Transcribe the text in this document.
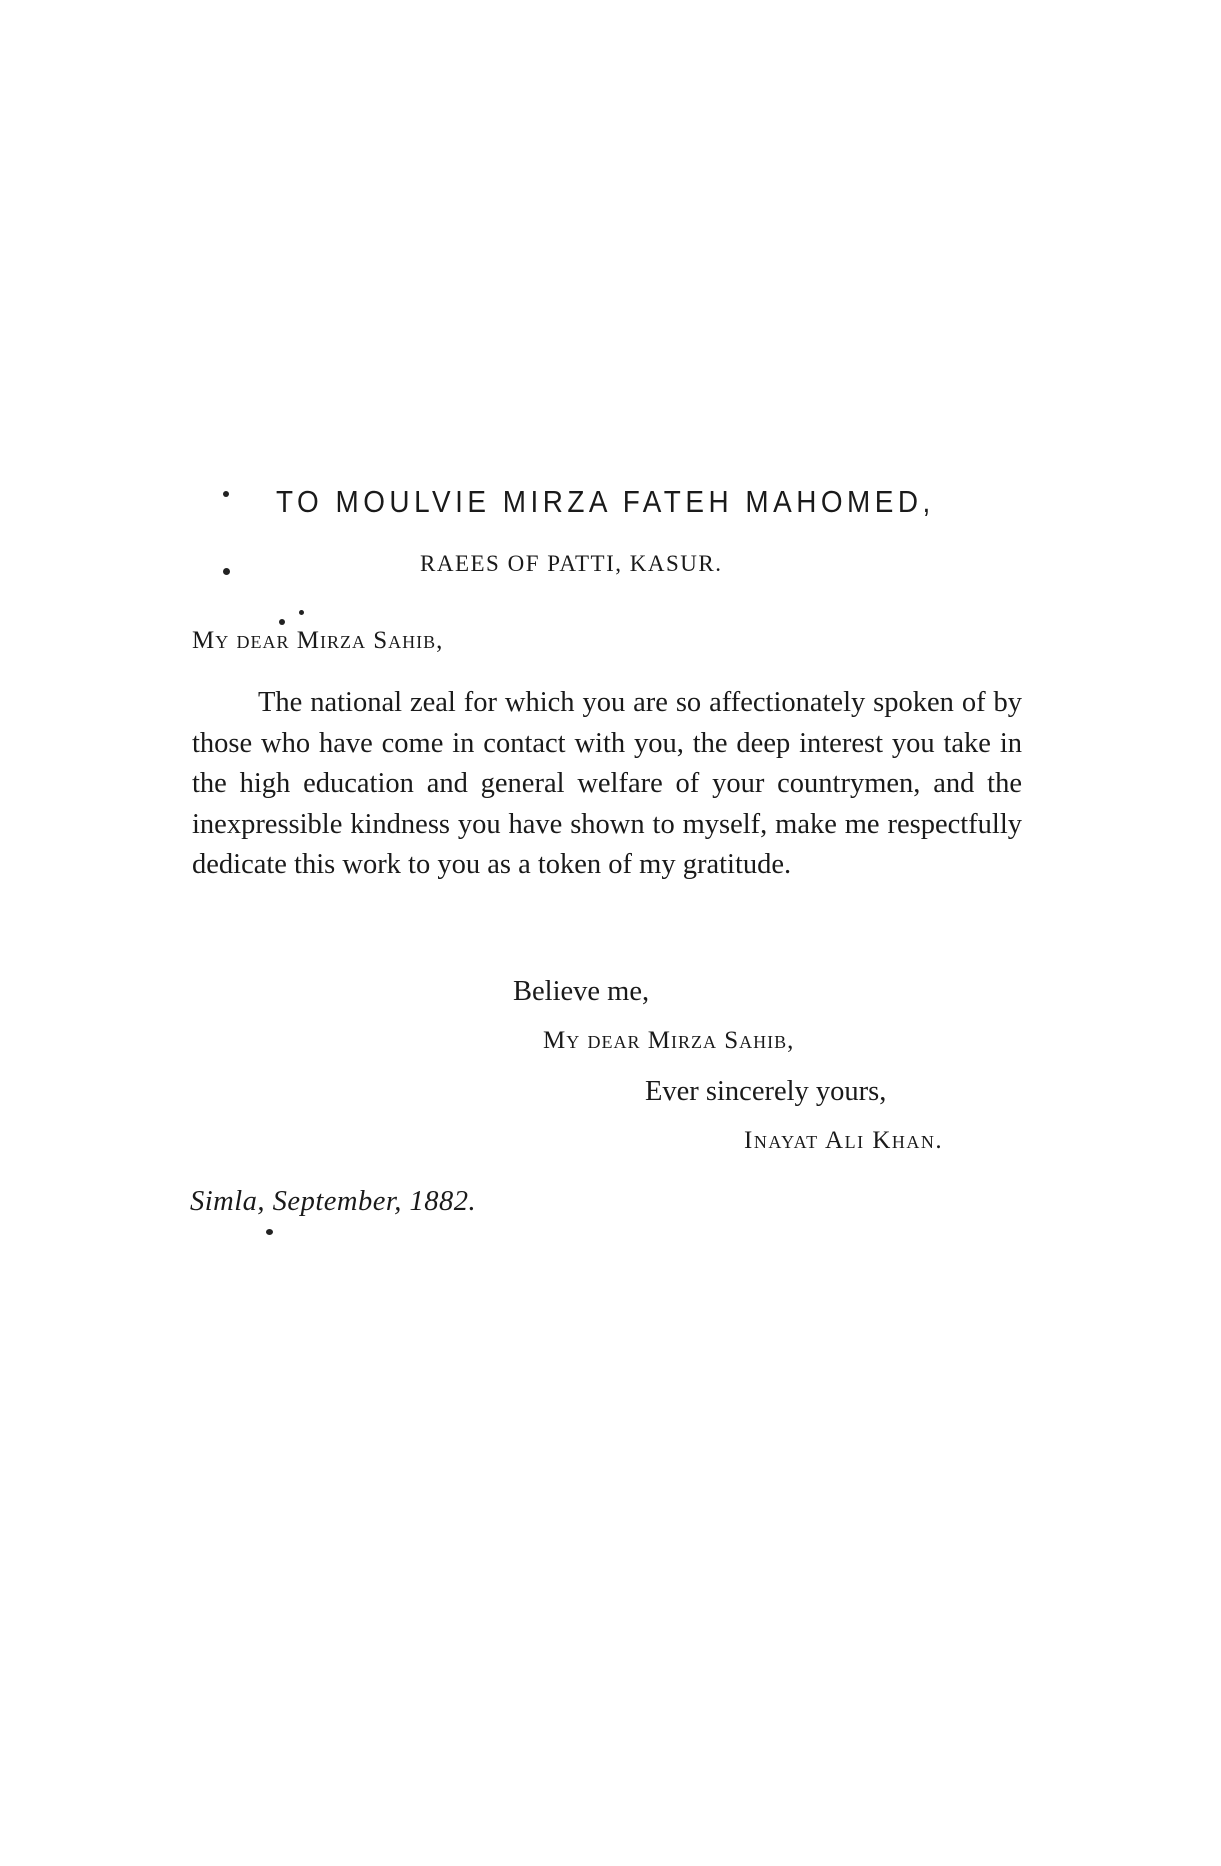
TO MOULVIE MIRZA FATEH MAHOMED,
RAEES OF PATTI, KASUR.
My dear Mirza Sahib,

The national zeal for which you are so affectionately spoken of by those who have come in contact with you, the deep interest you take in the high education and general welfare of your countrymen, and the inexpressible kindness you have shown to myself, make me respectfully dedicate this work to you as a token of my gratitude.

Believe me,
My dear Mirza Sahib,
Ever sincerely yours,
Inayat Ali Khan.
Simla, September, 1882.
